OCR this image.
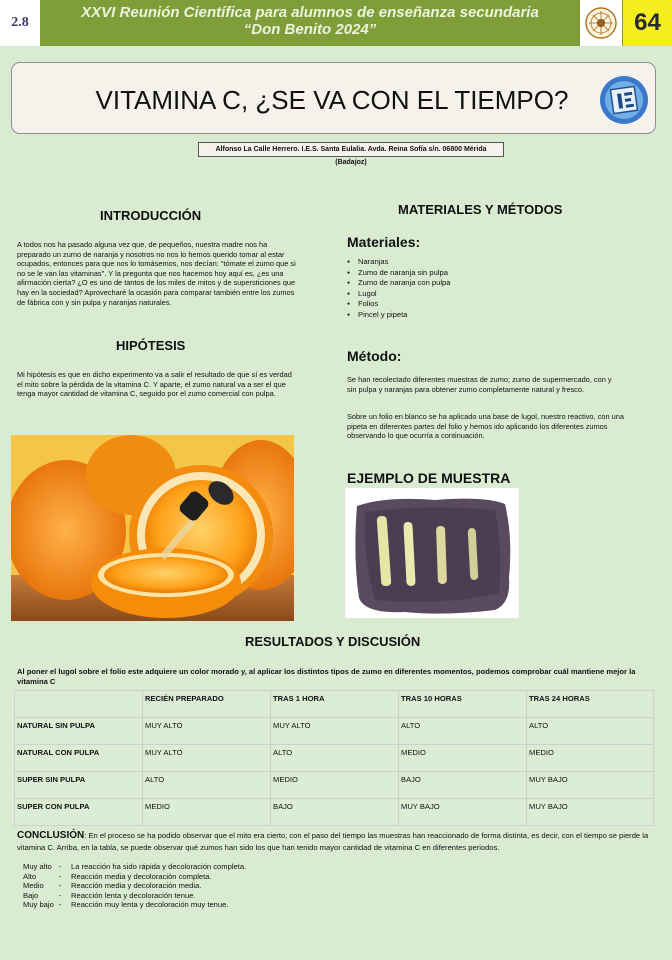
2.8
XXVI Reunión Científica para alumnos de enseñanza secundaria
“Don Benito 2024”	64
VITAMINA C, ¿SE VA CON EL TIEMPO?
Alfonso La Calle Herrero. I.E.S. Santa Eulalia. Avda. Reina Sofía s/n. 06800 Mérida (Badajoz)
INTRODUCCIÓN
A todos nos ha pasado alguna vez que, de pequeños, nuestra madre nos ha preparado un zumo de naranja y nosotros no nos lo hemos querido tomar al estar ocupados, entonces para que nos lo tomásemos, nos decían: "tómate el zumo que si no se le van las vitaminas". Y la pregunta que nos hacemos hoy aquí es, ¿es una afirmación cierta? ¿O es uno de tantos de los miles de mitos y de supersticiones que hay en la sociedad? Aprovecharé la ocasión para comparar también entre los zumos de fábrica con y sin pulpa y naranjas naturales.
HIPÓTESIS
Mi hipótesis es que en dicho experimento va a salir el resultado de que sí es verdad el mito sobre la pérdida de la vitamina C. Y aparte, el zumo natural va a ser el que tenga mayor cantidad de vitamina C, seguido por el zumo comercial con pulpa.
MATERIALES Y MÉTODOS
Materiales:
● Naranjas
● Zumo de naranja sin pulpa
● Zumo de naranja con pulpa
● Lugol
● Folios
● Pincel y pipeta
Método:
Se han recolectado diferentes muestras de zumo; zumo de supermercado, con y sin pulpa y naranjas para obtener zumo completamente natural y fresco.
Sobre un folio en blanco se ha aplicado una base de lugol, nuestro reactivo, con una pipeta en diferentes partes del folio y hemos ido aplicando los diferentes zumos observando lo que ocurría a continuación.
EJEMPLO DE MUESTRA
RESULTADOS Y DISCUSIÓN
Al poner el lugol sobre el folio este adquiere un color morado y, al aplicar los distintos tipos de zumo en diferentes momentos, podemos comprobar cuál mantiene mejor la vitamina C
	RECIÉN PREPARADO	TRAS 1 HORA	TRAS 10 HORAS	TRAS 24 HORAS
NATURAL SIN PULPA	MUY ALTO	MUY ALTO	ALTO	ALTO
NATURAL CON PULPA	MUY ALTO	ALTO	MEDIO	MEDIO
SUPER SIN PULPA	ALTO	MEDIO	BAJO	MUY BAJO
SUPER CON PULPA	MEDIO	BAJO	MUY BAJO	MUY BAJO
CONCLUSIÓN: En el proceso se ha podido observar que el mito era cierto, con el paso del tiempo las muestras han reaccionado de forma distinta, es decir, con el tiempo se pierde la vitamina C. Arriba, en la tabla, se puede observar qué zumos han sido los que han tenido mayor cantidad de vitamina C en diferentes periodos.
Muy alto -	La reacción ha sido rápida y decoloración completa.
Alto	-	Reacción media y decoloración completa.
Medio	-	Reacción media y decoloración media.
Bajo	-	Reacción lenta y decoloración tenue.
Muy bajo -	Reacción muy lenta y decoloración muy tenue.
